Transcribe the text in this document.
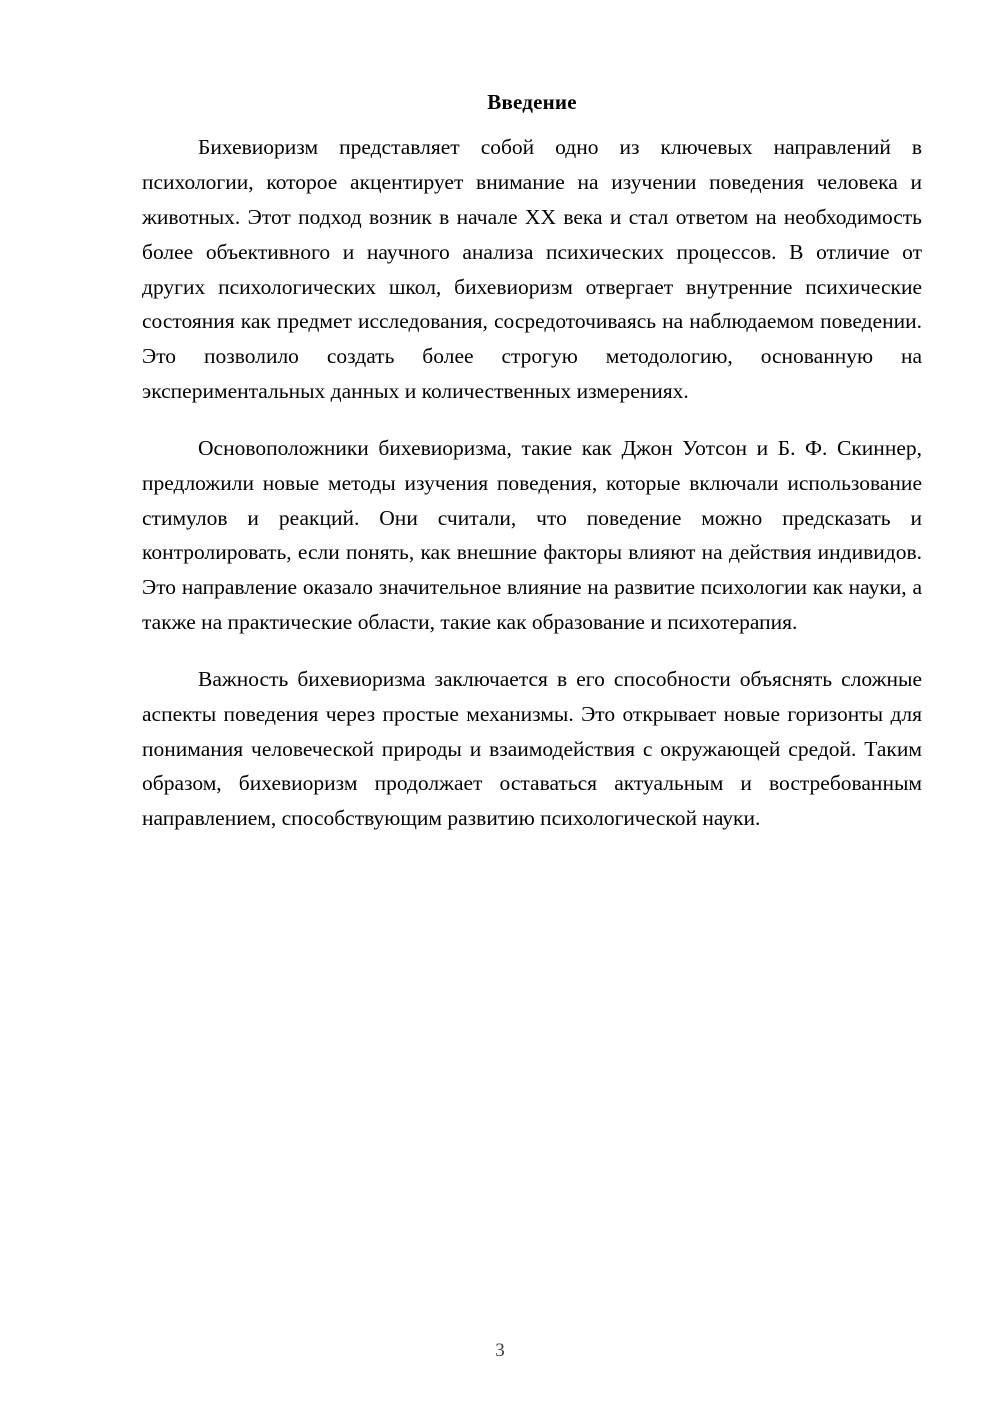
Введение

Бихевиоризм представляет собой одно из ключевых направлений в психологии, которое акцентирует внимание на изучении поведения человека и животных. Этот подход возник в начале XX века и стал ответом на необходимость более объективного и научного анализа психических процессов. В отличие от других психологических школ, бихевиоризм отвергает внутренние психические состояния как предмет исследования, сосредоточиваясь на наблюдаемом поведении. Это позволило создать более строгую методологию, основанную на экспериментальных данных и количественных измерениях.

Основоположники бихевиоризма, такие как Джон Уотсон и Б. Ф. Скиннер, предложили новые методы изучения поведения, которые включали использование стимулов и реакций. Они считали, что поведение можно предсказать и контролировать, если понять, как внешние факторы влияют на действия индивидов. Это направление оказало значительное влияние на развитие психологии как науки, а также на практические области, такие как образование и психотерапия.

Важность бихевиоризма заключается в его способности объяснять сложные аспекты поведения через простые механизмы. Это открывает новые горизонты для понимания человеческой природы и взаимодействия с окружающей средой. Таким образом, бихевиоризм продолжает оставаться актуальным и востребованным направлением, способствующим развитию психологической науки.

3
